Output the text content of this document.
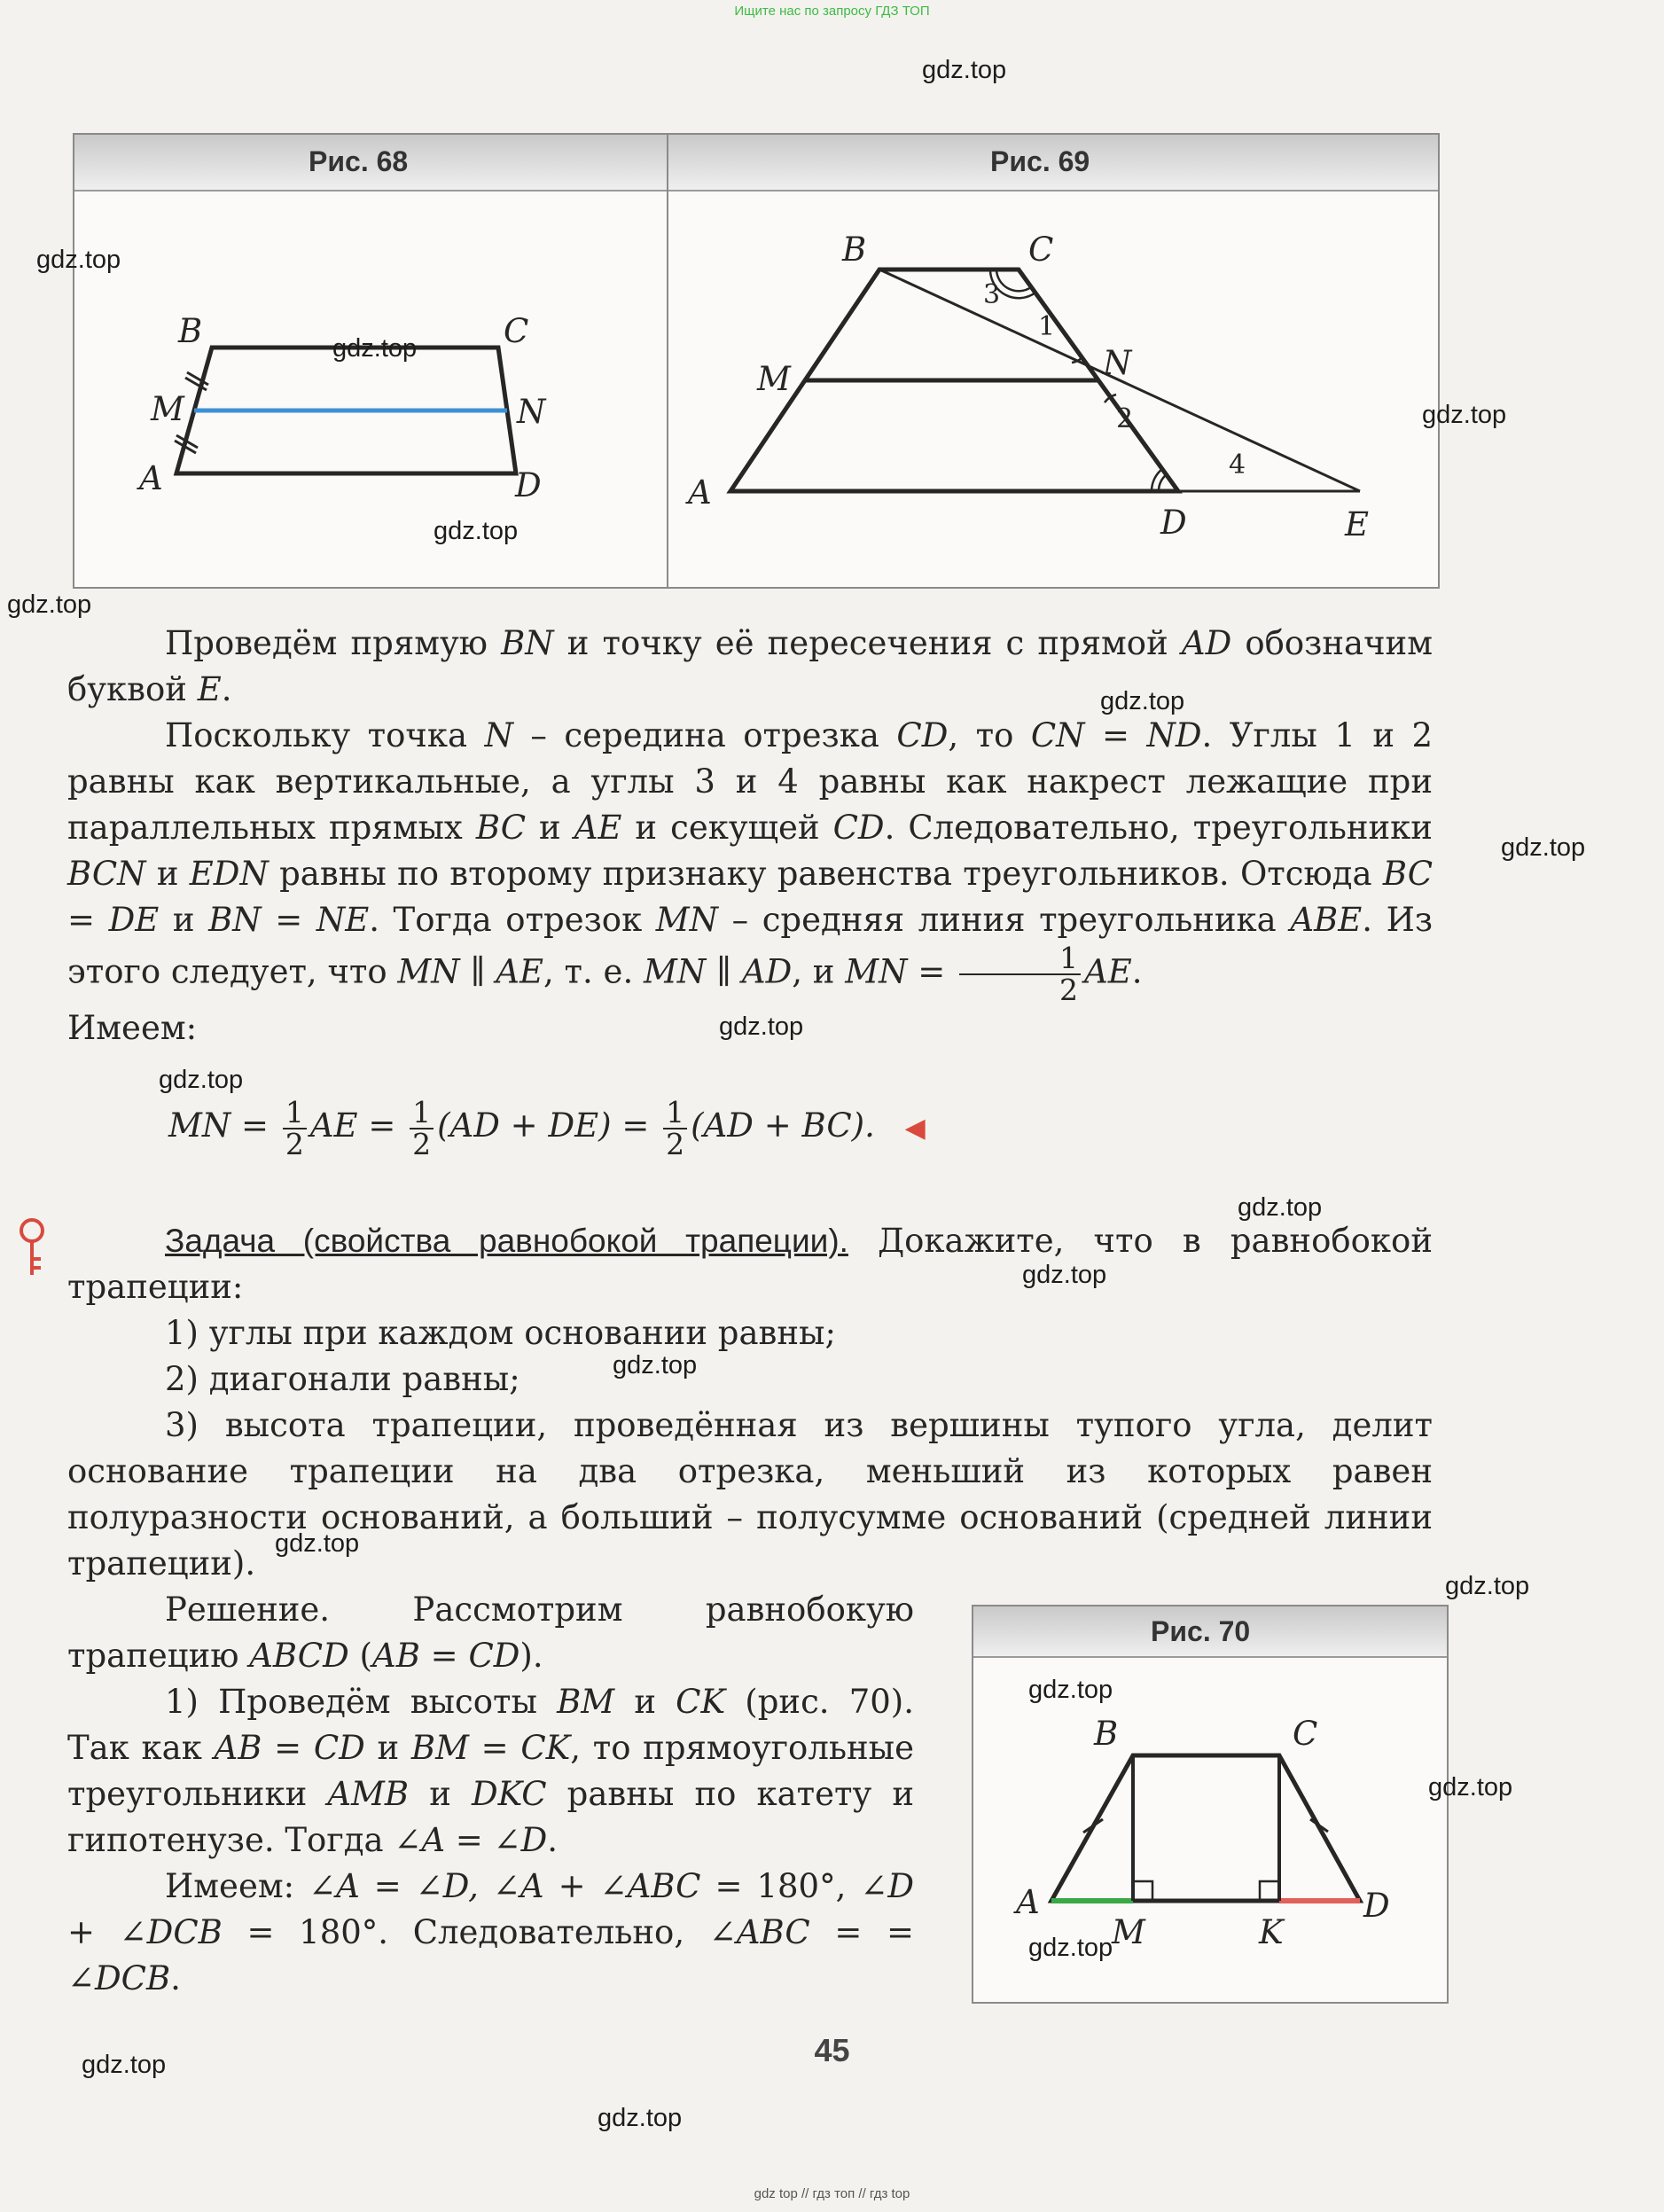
Ищите нас по запросу ГДЗ ТОП
Рис. 68	Рис. 69
B	C
M	N
A	D
B	C
M	N
A
D	E
3
1
2
4

Проведём прямую BN и точку её пересечения с прямой AD обозначим буквой E.

Поскольку точка N – середина отрезка CD, то CN = ND. Углы 1 и 2 равны как вертикальные, а углы 3 и 4 равны как накрест лежащие при параллельных прямых BC и AE и секущей CD. Следовательно, треугольники BCN и EDN равны по второму признаку равенства треугольников. Отсюда BC = DE и BN = NE. Тогда отрезок MN – средняя линия треугольника ABE. Из этого следует, что MN ∥ AE, т. е. MN ∥ AD, и MN = $\frac{1}{2}$ AE.

Имеем:

MN = $\frac{1}{2}$ AE = $\frac{1}{2} (AD + DE) = \frac{1}{2} (AD + BC)$. ◀

Задача (свойства равнобокой трапеции). Докажите, что в равнобокой трапеции:

1) углы при каждом основании равны;

2) диагонали равны;

3) высота трапеции, проведённая из вершины тупого угла, делит основание трапеции на два отрезка, меньший из которых равен полуразности оснований, а больший – полусумме оснований (средней линии трапеции).

Решение. Рассмотрим равнобокую трапецию ABCD (AB = CD).

1) Проведём высоты BM и CK (рис. 70). Так как AB = CD и BM = CK, то прямоугольные треугольники AMB и DKC равны по катету и гипотенузе. Тогда ∠A = ∠D.

Имеем: ∠A = ∠D, ∠A + ∠ABC = 180°, ∠D + ∠DCB = 180°. Следовательно, ∠ABC = = ∠DCB.

Рис. 70
B	C
A
M	K
D
gdz.top
gdz.top
gdz.top
gdz.top
gdz.top
gdz.top
gdz.top
gdz.top
gdz.top
gdz.top
gdz.top
gdz.top
gdz.top
gdz.top
gdz.top
gdz.top
gdz.top
gdz.top
gdz.top
gdz.top
45
gdz top // гдз топ // гдз top
